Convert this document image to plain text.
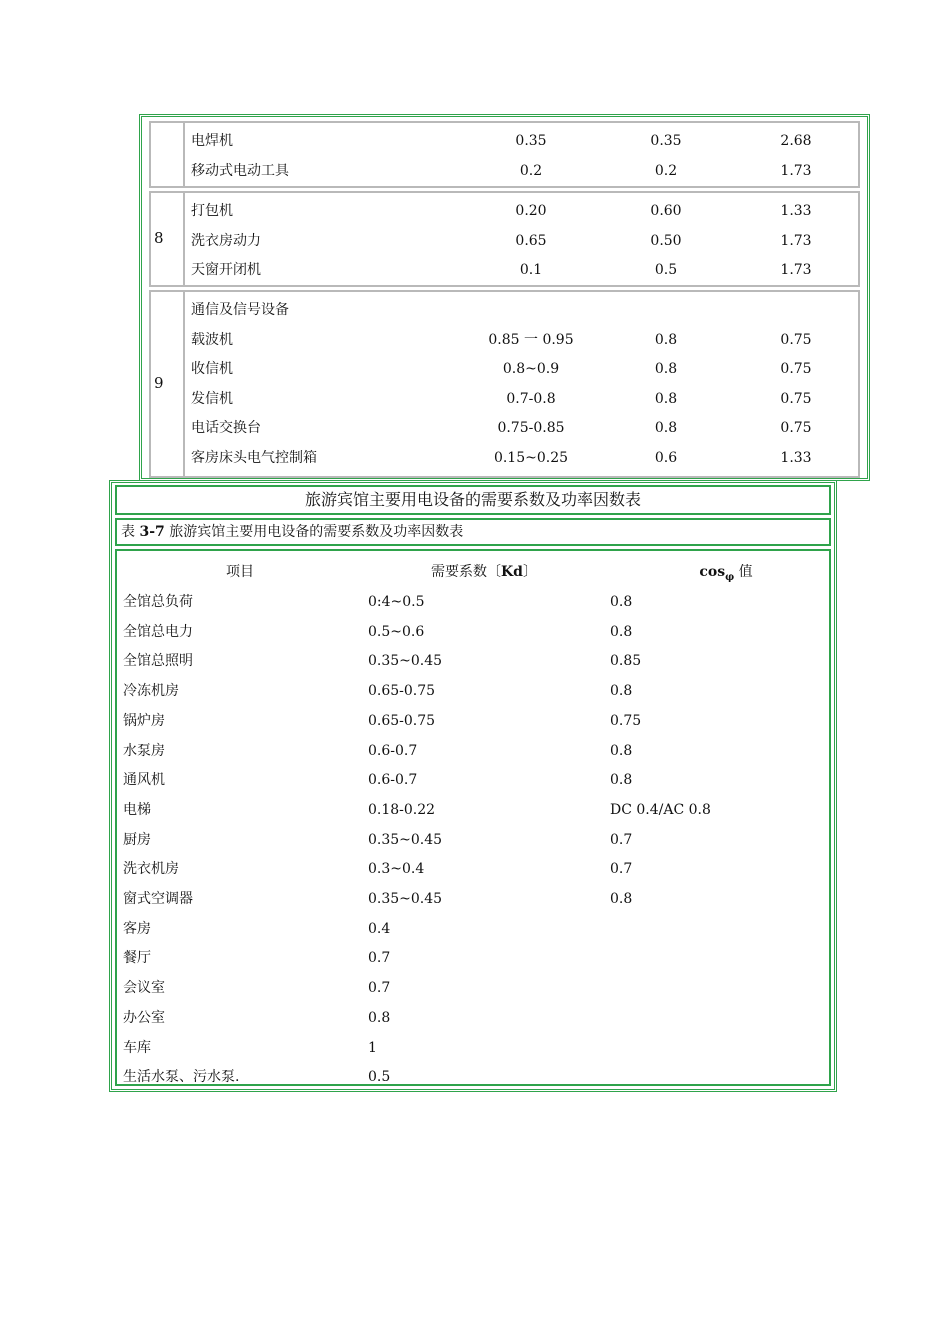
电焊机	0.35	0.35	2.68
移动式电动工具	0.2	0.2	1.73
8
打包机	0.20	0.60	1.33
洗衣房动力	0.65	0.50	1.73
天窗开闭机	0.1	0.5	1.73
9
通信及信号设备
载波机	0.85 一 0.95	0.8	0.75
收信机	0.8~0.9	0.8	0.75
发信机	0.7-0.8	0.8	0.75
电话交换台	0.75-0.85	0.8	0.75
客房床头电气控制箱	0.15~0.25	0.6	1.33
旅游宾馆主要用电设备的需要系数及功率因数表
表 3-7 旅游宾馆主要用电设备的需要系数及功率因数表
项目	需要系数〔Kd〕	$\cos_\varphi$ 值
全馆总负荷	0:4~0.5	0.8
全馆总电力	0.5~0.6	0.8
全馆总照明	0.35~0.45	0.85
冷冻机房	0.65-0.75	0.8
锅炉房	0.65-0.75	0.75
水泵房	0.6-0.7	0.8
通风机	0.6-0.7	0.8
电梯	0.18-0.22	DC 0.4/AC 0.8
厨房	0.35~0.45	0.7
洗衣机房	0.3~0.4	0.7
窗式空调器	0.35~0.45	0.8
客房	0.4
餐厅	0.7
会议室	0.7
办公室	0.8
车库	1
生活水泵、污水泵.	0.5
